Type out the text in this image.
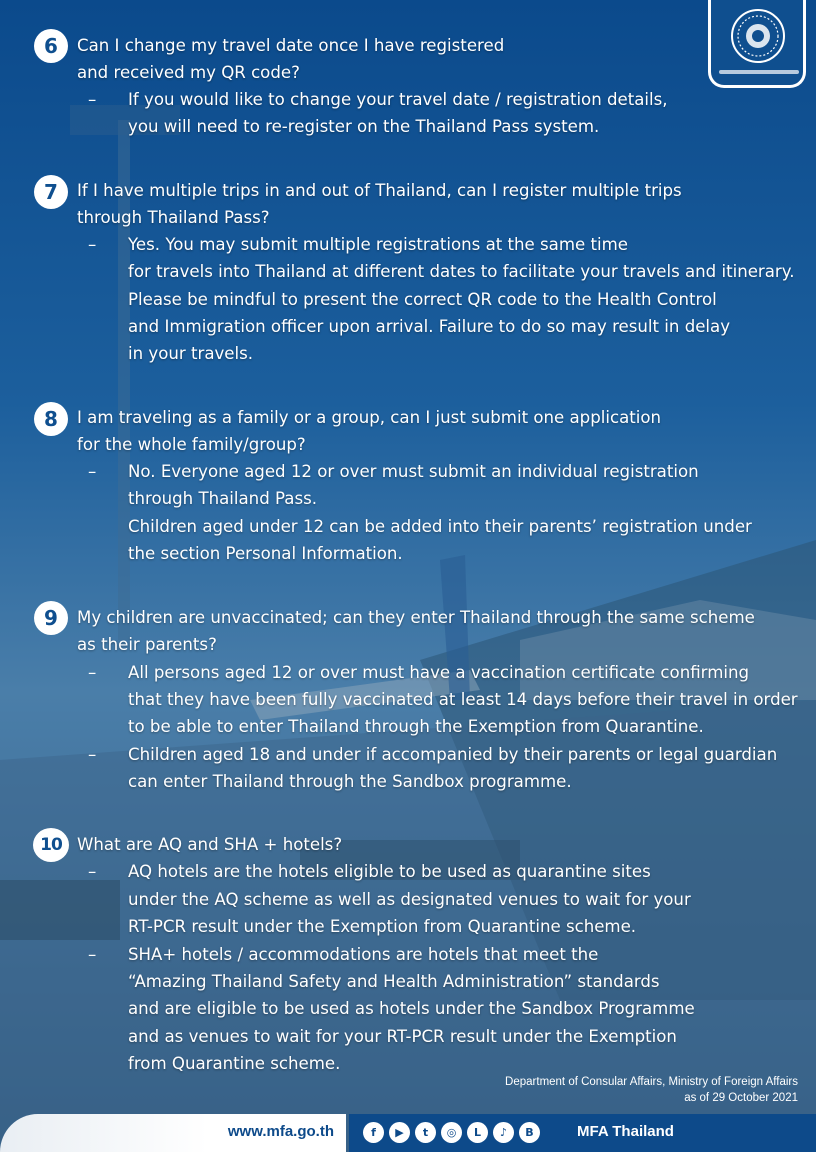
6	Can I change my travel date once I have registered
and received my QR code?
– If you would like to change your travel date / registration details,
you will need to re-register on the Thailand Pass system.
7	If I have multiple trips in and out of Thailand, can I register multiple trips
through Thailand Pass?
– Yes. You may submit multiple registrations at the same time
for travels into Thailand at different dates to facilitate your travels and itinerary.
Please be mindful to present the correct QR code to the Health Control
and Immigration officer upon arrival. Failure to do so may result in delay
in your travels.
8	I am traveling as a family or a group, can I just submit one application
for the whole family/group?
– No. Everyone aged 12 or over must submit an individual registration
through Thailand Pass.
Children aged under 12 can be added into their parents’ registration under
the section Personal Information.
9	My children are unvaccinated; can they enter Thailand through the same scheme
as their parents?
– All persons aged 12 or over must have a vaccination certificate confirming
that they have been fully vaccinated at least 14 days before their travel in order
to be able to enter Thailand through the Exemption from Quarantine.
– Children aged 18 and under if accompanied by their parents or legal guardian
can enter Thailand through the Sandbox programme.
10 What are AQ and SHA + hotels?
– AQ hotels are the hotels eligible to be used as quarantine sites
under the AQ scheme as well as designated venues to wait for your
RT-PCR result under the Exemption from Quarantine scheme.
– SHA+ hotels / accommodations are hotels that meet the
“Amazing Thailand Safety and Health Administration” standards
and are eligible to be used as hotels under the Sandbox Programme
and as venues to wait for your RT-PCR result under the Exemption
from Quarantine scheme.
Department of Consular Affairs, Ministry of Foreign Affairs
as of 29 October 2021
www.mfa.go.th	f	▶	t	◎	L	♪	B	MFA Thailand
